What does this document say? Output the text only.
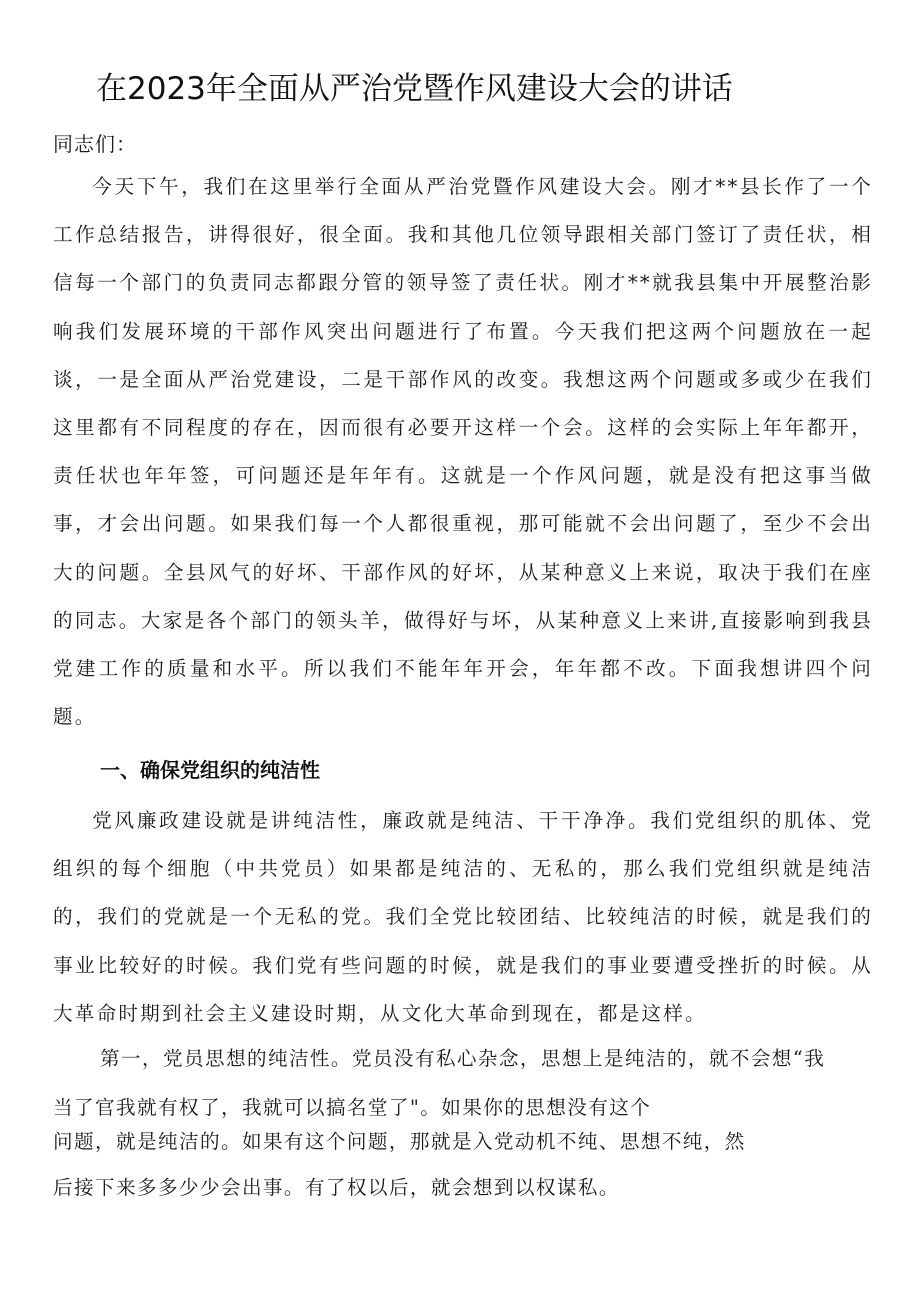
在2023年全面从严治党暨作风建设大会的讲话

同志们：

今天下午，我们在这里举行全面从严治党暨作风建设大会。刚才**县长作了一个工作总结报告，讲得很好，很全面。我和其他几位领导跟相关部门签订了责任状，相信每一个部门的负责同志都跟分管的领导签了责任状。刚才**就我县集中开展整治影响我们发展环境的干部作风突出问题进行了布置。今天我们把这两个问题放在一起谈，一是全面从严治党建设，二是干部作风的改变。我想这两个问题或多或少在我们这里都有不同程度的存在，因而很有必要开这样一个会。这样的会实际上年年都开，责任状也年年签，可问题还是年年有。这就是一个作风问题，就是没有把这事当做事，才会出问题。如果我们每一个人都很重视，那可能就不会出问题了，至少不会出大的问题。全县风气的好坏、干部作风的好坏，从某种意义上来说，取决于我们在座的同志。大家是各个部门的领头羊，做得好与坏，从某种意义上来讲,直接影响到我县党建工作的质量和水平。所以我们不能年年开会，年年都不改。下面我想讲四个问题。

一、确保党组织的纯洁性

党风廉政建设就是讲纯洁性，廉政就是纯洁、干干净净。我们党组织的肌体、党组织的每个细胞（中共党员）如果都是纯洁的、无私的，那么我们党组织就是纯洁的，我们的党就是一个无私的党。我们全党比较团结、比较纯洁的时候，就是我们的事业比较好的时候。我们党有些问题的时候，就是我们的事业要遭受挫折的时候。从大革命时期到社会主义建设时期，从文化大革命到现在，都是这样。

第一，党员思想的纯洁性。党员没有私心杂念，思想上是纯洁的，就不会想“我

当了官我就有权了，我就可以搞名堂了"。如果你的思想没有这个

问题，就是纯洁的。如果有这个问题，那就是入党动机不纯、思想不纯，然

后接下来多多少少会出事。有了权以后，就会想到以权谋私。
